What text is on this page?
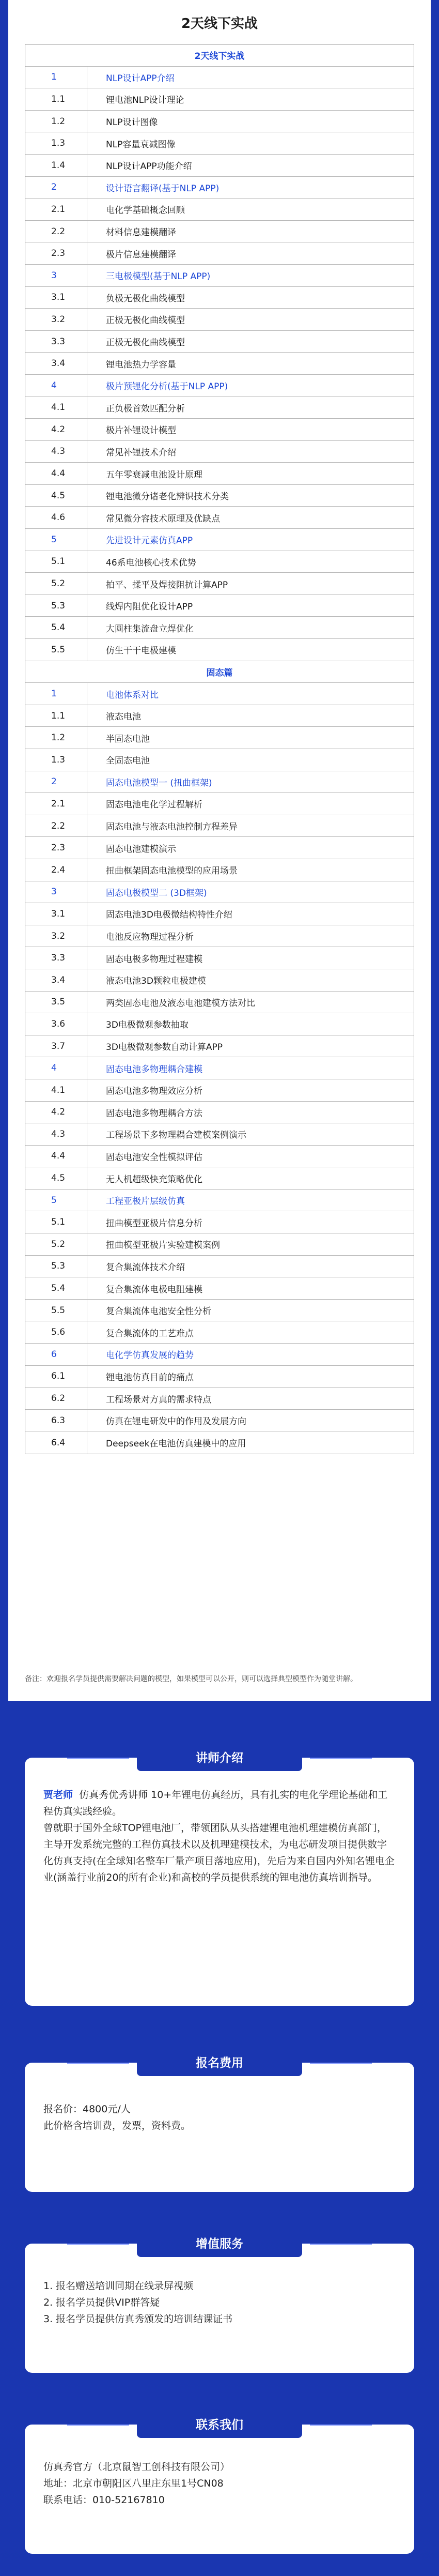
2天线下实战
2天线下实战
1	NLP设计APP介绍
1.1	锂电池NLP设计理论
1.2	NLP设计图像
1.3	NLP容量衰减图像
1.4	NLP设计APP功能介绍
2	设计语言翻译(基于NLP APP)
2.1	电化学基础概念回顾
2.2	材料信息建模翻译
2.3	极片信息建模翻译
3	三电极模型(基于NLP APP)
3.1	负极无极化曲线模型
3.2	正极无极化曲线模型
3.3	正极无极化曲线模型
3.4	锂电池热力学容量
4	极片预锂化分析(基于NLP APP)
4.1	正负极首效匹配分析
4.2	极片补锂设计模型
4.3	常见补锂技术介绍
4.4	五年零衰减电池设计原理
4.5	锂电池微分诸老化辨识技术分类
4.6	常见微分容技术原理及优缺点
5	先进设计元素仿真APP
5.1	46系电池核心技术优势
5.2	拍平、揉平及焊接阻抗计算APP
5.3	线焊内阻优化设计APP
5.4	大圆柱集流盘立焊优化
5.5	仿生干干电极建模
固态篇
1	电池体系对比
1.1	液态电池
1.2	半固态电池
1.3	全固态电池
2	固态电池模型一 (扭曲框架)
2.1	固态电池电化学过程解析
2.2	固态电池与液态电池控制方程差异
2.3	固态电池建模演示
2.4	扭曲框架固态电池模型的应用场景
3	固态电极模型二 (3D框架)
3.1	固态电池3D电极微结构特性介绍
3.2	电池反应物理过程分析
3.3	固态电极多物理过程建模
3.4	液态电池3D颗粒电极建模
3.5	两类固态电池及液态电池建模方法对比
3.6	3D电极微观参数抽取
3.7	3D电极微观参数自动计算APP
4	固态电池多物理耦合建模
4.1	固态电池多物理效应分析
4.2	固态电池多物理耦合方法
4.3	工程场景下多物理耦合建模案例演示
4.4	固态电池安全性模拟评估
4.5	无人机超级快充策略优化
5	工程亚极片层级仿真
5.1	扭曲模型亚极片信息分析
5.2	扭曲模型亚极片实验建模案例
5.3	复合集流体技术介绍
5.4	复合集流体电极电阻建模
5.5	复合集流体电池安全性分析
5.6	复合集流体的工艺难点
6	电化学仿真发展的趋势
6.1	锂电池仿真目前的痛点
6.2	工程场景对方真的需求特点
6.3	仿真在锂电研发中的作用及发展方向
6.4	Deepseek在电池仿真建模中的应用
备注：欢迎报名学员提供需要解决问题的模型，如果模型可以公开，则可以选择典型模型作为随堂讲解。
讲师介绍

贾老师 仿真秀优秀讲师 10+年锂电仿真经历，具有扎实的电化学理论基础和工程仿真实践经验。

曾就职于国外全球TOP锂电池厂，带领团队从头搭建锂电池机理建模仿真部门，主导开发系统完整的工程仿真技术以及机理建模技术，为电芯研发项目提供数字化仿真支持(在全球知名整车厂量产项目落地应用)，先后为来自国内外知名锂电企业(涵盖行业前20的所有企业)和高校的学员提供系统的锂电池仿真培训指导。

报名费用
报名价：4800元/人
此价格含培训费，发票，资料费。
增值服务
1. 报名赠送培训同期在线录屏视频
2. 报名学员提供VIP群答疑
3. 报名学员提供仿真秀颁发的培训结课证书
联系我们
仿真秀官方（北京鼠智工创科技有限公司）
地址：北京市朝阳区八里庄东里1号CN08
联系电话：010-52167810
